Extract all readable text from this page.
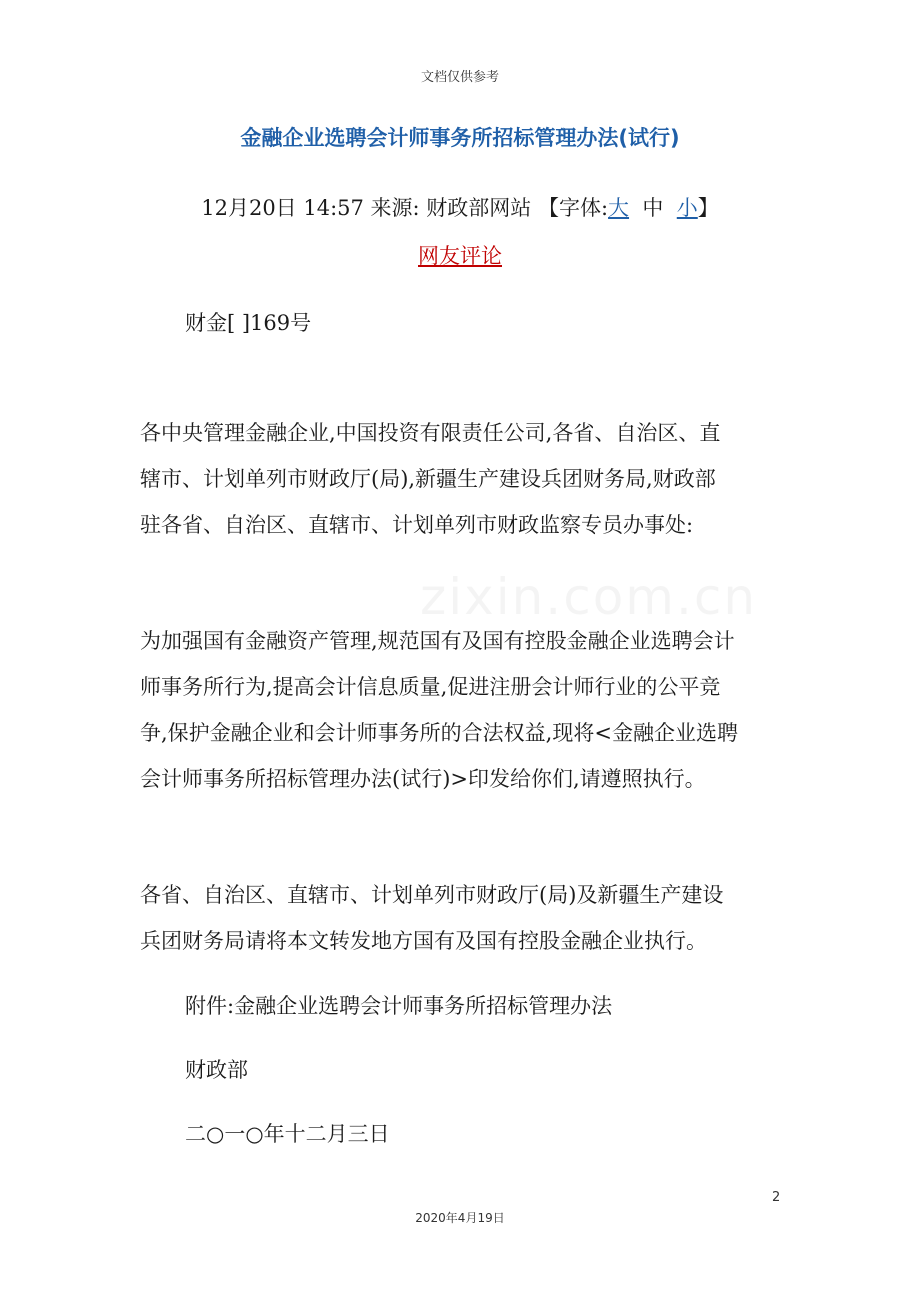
文档仅供参考
金融企业选聘会计师事务所招标管理办法(试行)
12月20日 14:57 来源: 财政部网站 【字体:大 中 小】
网友评论
财金[ ]169号
各中央管理金融企业,中国投资有限责任公司,各省、自治区、直
辖市、计划单列市财政厅(局),新疆生产建设兵团财务局,财政部
驻各省、自治区、直辖市、计划单列市财政监察专员办事处:
为加强国有金融资产管理,规范国有及国有控股金融企业选聘会计
师事务所行为,提高会计信息质量,促进注册会计师行业的公平竞
争,保护金融企业和会计师事务所的合法权益,现将<金融企业选聘
会计师事务所招标管理办法(试行)>印发给你们,请遵照执行。
各省、自治区、直辖市、计划单列市财政厅(局)及新疆生产建设
兵团财务局请将本文转发地方国有及国有控股金融企业执行。
附件:金融企业选聘会计师事务所招标管理办法
财政部
二○一○年十二月三日
2
2020年4月19日
